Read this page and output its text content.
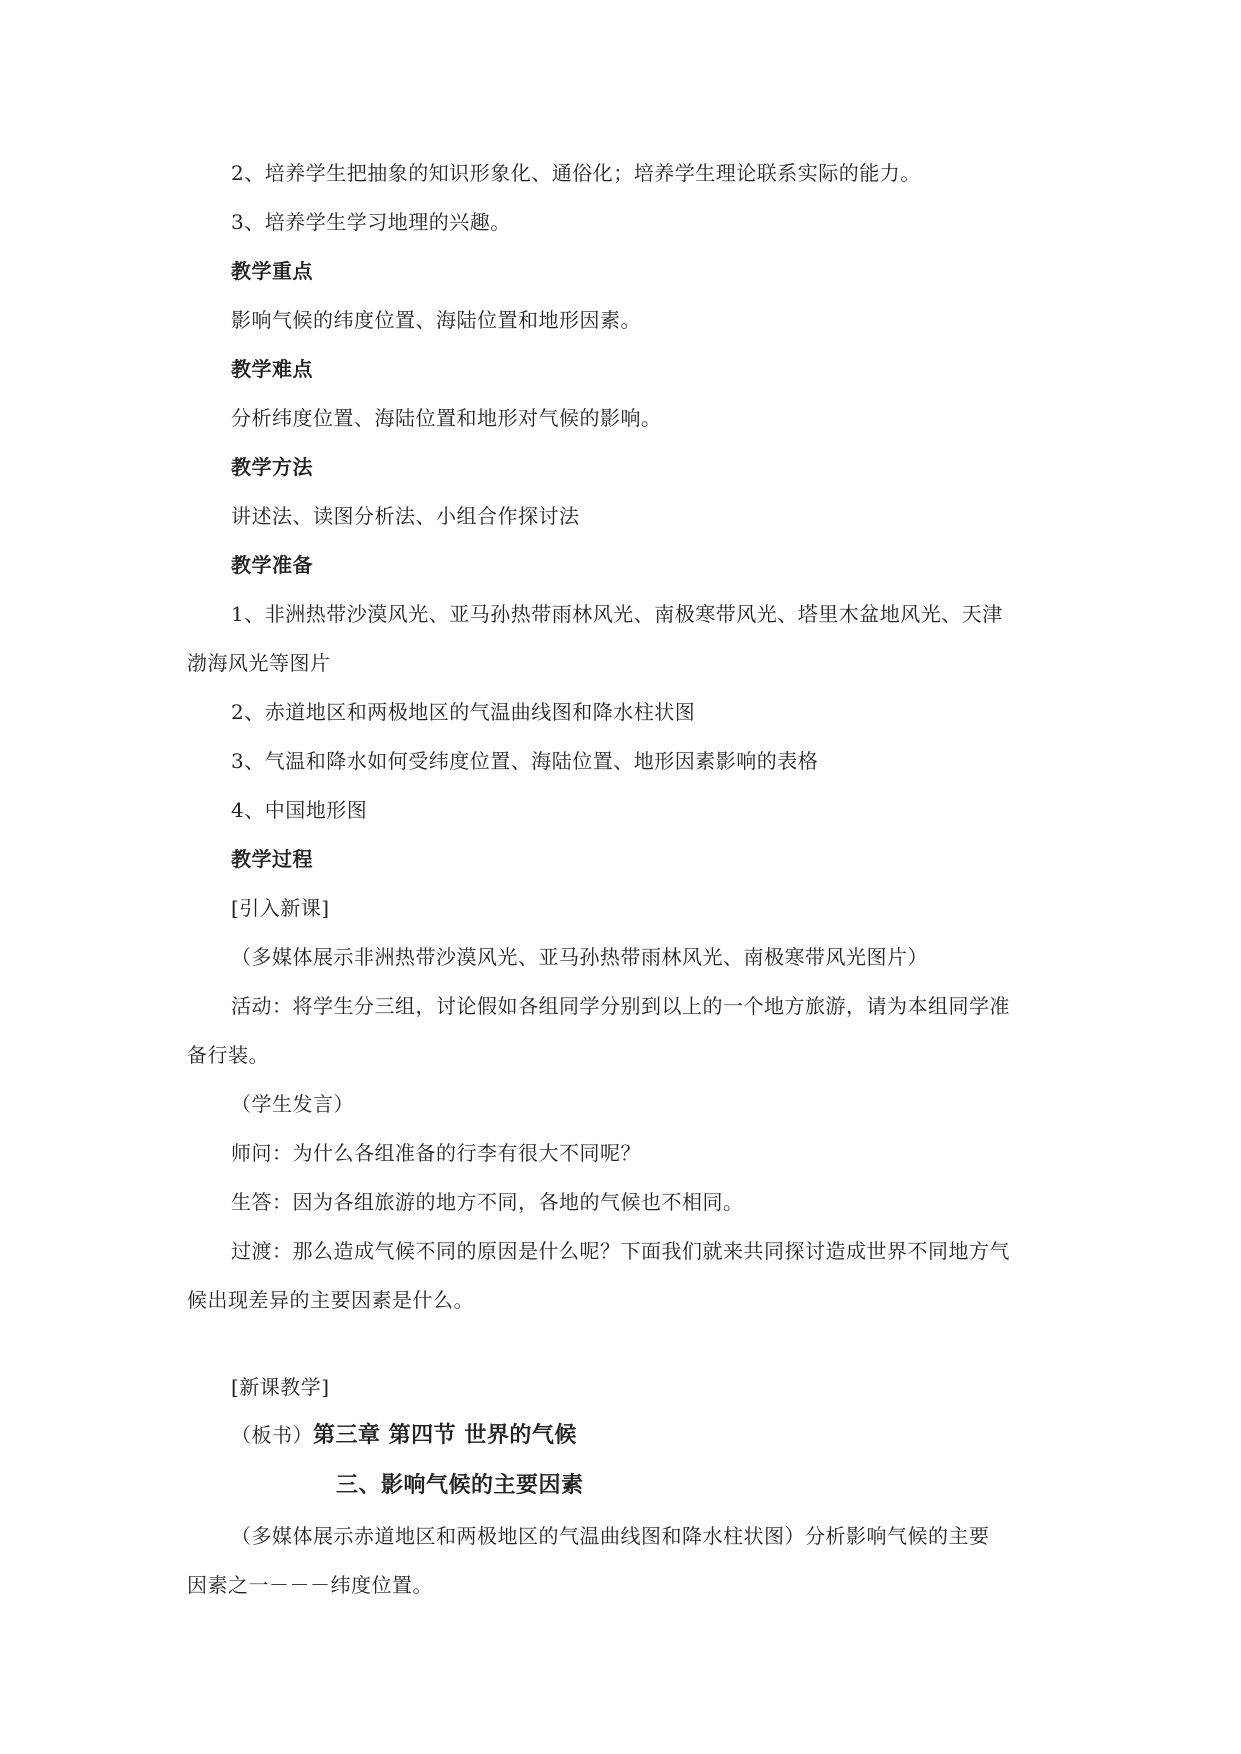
2、培养学生把抽象的知识形象化、通俗化；培养学生理论联系实际的能力。
3、培养学生学习地理的兴趣。
教学重点
影响气候的纬度位置、海陆位置和地形因素。
教学难点
分析纬度位置、海陆位置和地形对气候的影响。
教学方法
讲述法、读图分析法、小组合作探讨法
教学准备
1、非洲热带沙漠风光、亚马孙热带雨林风光、南极寒带风光、塔里木盆地风光、天津
渤海风光等图片
2、赤道地区和两极地区的气温曲线图和降水柱状图
3、气温和降水如何受纬度位置、海陆位置、地形因素影响的表格
4、中国地形图
教学过程
[引入新课]
（多媒体展示非洲热带沙漠风光、亚马孙热带雨林风光、南极寒带风光图片）
活动：将学生分三组，讨论假如各组同学分别到以上的一个地方旅游，请为本组同学准
备行装。
（学生发言）
师问：为什么各组准备的行李有很大不同呢？
生答：因为各组旅游的地方不同，各地的气候也不相同。
过渡：那么造成气候不同的原因是什么呢？下面我们就来共同探讨造成世界不同地方气
候出现差异的主要因素是什么。
[新课教学]
（板书）第三章 第四节 世界的气候
三、影响气候的主要因素
（多媒体展示赤道地区和两极地区的气温曲线图和降水柱状图）分析影响气候的主要
因素之一－－－纬度位置。
